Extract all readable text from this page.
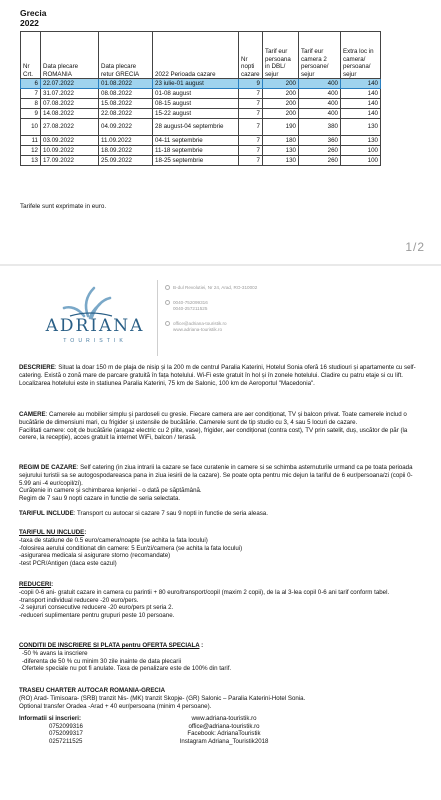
Grecia
2022
Nr Crt.	Data plecare ROMANIA	Data plecare retur GRECIA	2022 Perioada cazare	Nr nopti cazare	Tarif eur persoana in DBL/ sejur	Tarif eur camera 2 persoane/ sejur	Extra loc in camera/ persoana/ sejur
6	22.07.2022	01.08.2022	23 iulie-01 august	9	200	400	140
7	31.07.2022	08.08.2022	01-08 august	7	200	400	140
8	07.08.2022	15.08.2022	08-15 august	7	200	400	140
9	14.08.2022	22.08.2022	15-22 august	7	200	400	140
10	27.08.2022	04.09.2022	28 august-04 septembrie	7	190	380	130
11	03.09.2022	11.09.2022	04-11 septembrie	7	180	360	130
12	10.09.2022	18.09.2022	11-18 septembrie	7	130	260	100
13	17.09.2022	25.09.2022	18-25 septembrie	7	130	260	100
Tarifele sunt exprimate in euro.
1/2
ADRIANA
TOURISTIK
B-dul Revolutiei, Nr 24, Arad, RO-310002
0040-752099316
0040-257211525
office@adriana-touristik.ro
www.adriana-touristik.ro

DESCRIERE: Situat la doar 150 m de plaja de nisip și la 200 m de centrul Paralia Katerini, Hotelul Sonia oferă 16 studiouri și apartamente cu self-catering. Există o zonă mare de parcare gratuită în fața hotelului. Wi-Fi este gratuit în hol și în zonele hotelului. Cladire cu patru etaje si cu lift. Localizarea hotelului este in statiunea Paralia Katerini, 75 km de Salonic, 100 km de Aeroportul "Macedonia".

CAMERE: Camerele au mobilier simplu și pardoseli cu gresie. Fiecare camera are aer condiționat, TV și balcon privat. Toate camerele includ o bucătărie de dimensiuni mari, cu frigider și ustensile de bucătărie. Camerele sunt de tip studio cu 3, 4 sau 5 locuri de cazare.

Facilitati camere: colț de bucătărie (aragaz electric cu 2 plite, vase), frigider, aer condiționat (contra cost), TV prin satelit, duș, uscător de păr (la cerere, la recepție), acces gratuit la internet WiFi, balcon / terasă.

REGIM DE CAZARE: Self catering (in ziua intrarii la cazare se face curatenie in camere si se schimba asternuturile urmand ca pe toata perioada sejurului turistii sa se autogospodareasca pana in ziua iesirii de la cazare). Se poate opta pentru mic dejun la tariful de 6 eur/persoana/zi (copii 0-5.99 ani -4 eur/copil/zi).

Curățenie in camere și schimbarea lenjeriei - o dată pe săptămână.

Regim de 7 sau 9 nopti cazare in functie de seria selectata.

TARIFUL INCLUDE: Transport cu autocar si cazare 7 sau 9 nopti in functie de seria aleasa.

TARIFUL NU INCLUDE:

-taxa de statiune de 0.5 euro/camera/noapte (se achita la fata locului)

-folosirea aerului conditionat din camere: 5 Eur/zi/camera (se achita la fata locului)

-asigurarea medicala si asigurare storno (recomandate)

-test PCR/Antigen (daca este cazul)

REDUCERI:

-copii 0-6 ani- gratuit cazare in camera cu parintii + 80 euro/transport/copil (maxim 2 copii), de la al 3-lea copil 0-6 ani tarif conform tabel.

-transport individual reducere -20 euro/pers.

-2 sejururi consecutive reducere -20 euro/pers pt seria 2.

-reduceri suplimentare pentru grupuri peste 10 persoane.

CONDITII DE INSCRIERE SI PLATA pentru OFERTA SPECIALA :

-50 % avans la inscriere

-diferenta de 50 % cu minim 30 zile inainte de data plecarii

Ofertele speciale nu pot fi anulate. Taxa de penalizare este de 100% din tarif.

TRASEU CHARTER AUTOCAR ROMANIA-GRECIA

(RO) Arad- Timisoara- (SRB) tranzit Nis- (MK) tranzit Skopje- (GR) Salonic – Paralia Katerini-Hotel Sonia.

Optional transfer Oradea -Arad + 40 eur/persoana (minim 4 persoane).

Informatii si inscrieri:
0752099316
0752099317
0257211525
www.adriana-touristik.ro
office@adriana-touristik.ro
Facebook: AdrianaTouristik
Instagram Adriana_Touristik2018
